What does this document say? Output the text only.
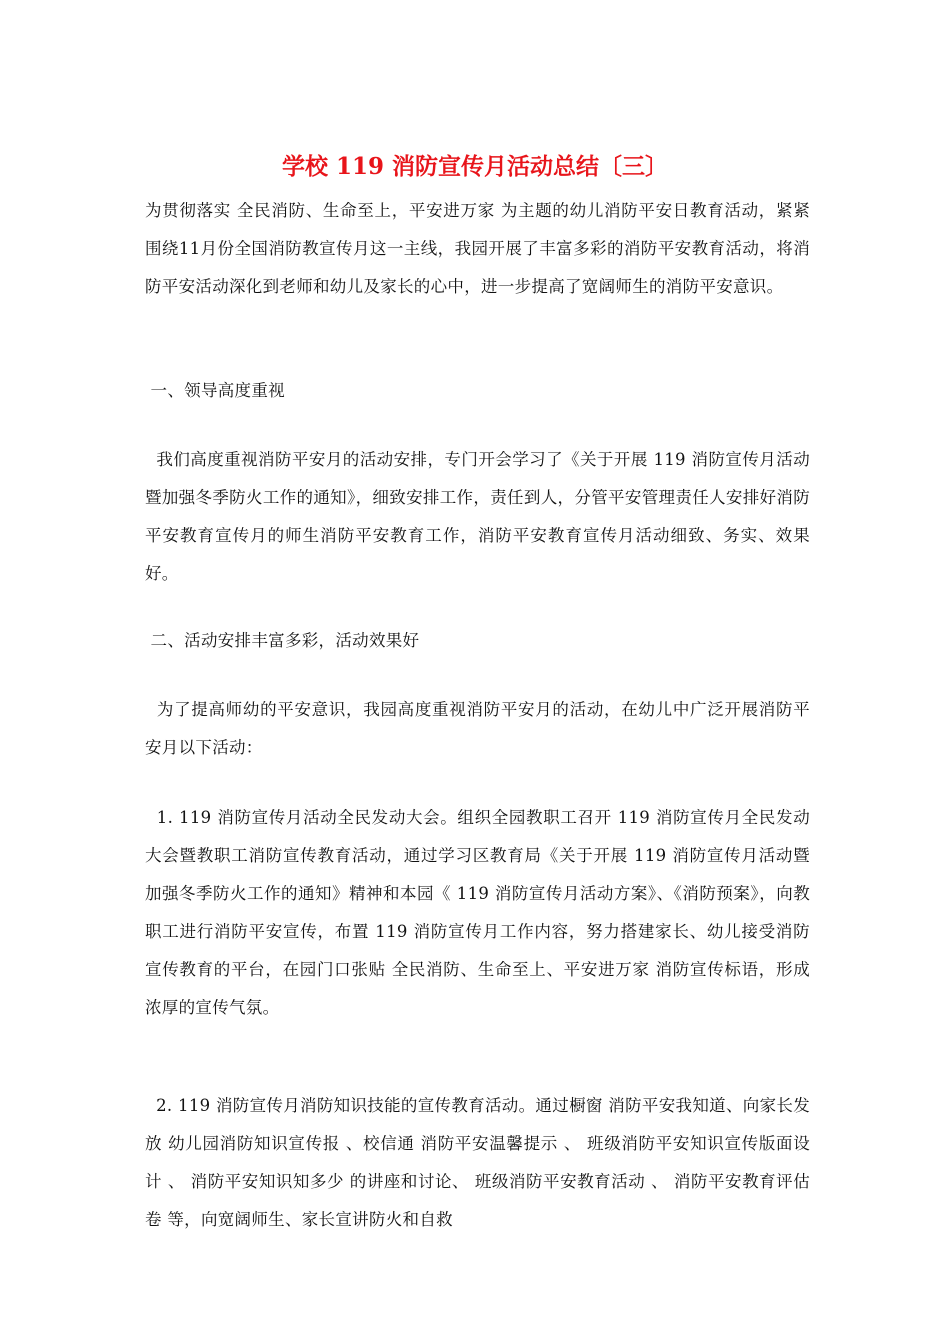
学校 119 消防宣传月活动总结〔三〕

为贯彻落实 全民消防、生命至上，平安进万家 为主题的幼儿消防平安日教育活动，紧紧围绕11月份全国消防教宣传月这一主线，我园开展了丰富多彩的消防平安教育活动，将消防平安活动深化到老师和幼儿及家长的心中，进一步提高了宽阔师生的消防平安意识。

一、领导高度重视

我们高度重视消防平安月的活动安排，专门开会学习了《关于开展 119 消防宣传月活动暨加强冬季防火工作的通知》，细致安排工作，责任到人，分管平安管理责任人安排好消防平安教育宣传月的师生消防平安教育工作，消防平安教育宣传月活动细致、务实、效果好。

二、活动安排丰富多彩，活动效果好

为了提高师幼的平安意识，我园高度重视消防平安月的活动，在幼儿中广泛开展消防平安月以下活动：

1. 119 消防宣传月活动全民发动大会。组织全园教职工召开 119 消防宣传月全民发动大会暨教职工消防宣传教育活动，通过学习区教育局《关于开展 119 消防宣传月活动暨加强冬季防火工作的通知》精神和本园《 119 消防宣传月活动方案》、《消防预案》，向教职工进行消防平安宣传，布置 119 消防宣传月工作内容，努力搭建家长、幼儿接受消防宣传教育的平台，在园门口张贴 全民消防、生命至上、平安进万家 消防宣传标语，形成浓厚的宣传气氛。

2. 119 消防宣传月消防知识技能的宣传教育活动。通过橱窗 消防平安我知道、向家长发放 幼儿园消防知识宣传报 、校信通 消防平安温馨提示 、 班级消防平安知识宣传版面设计 、 消防平安知识知多少 的讲座和讨论、 班级消防平安教育活动 、 消防平安教育评估卷 等，向宽阔师生、家长宣讲防火和自救
